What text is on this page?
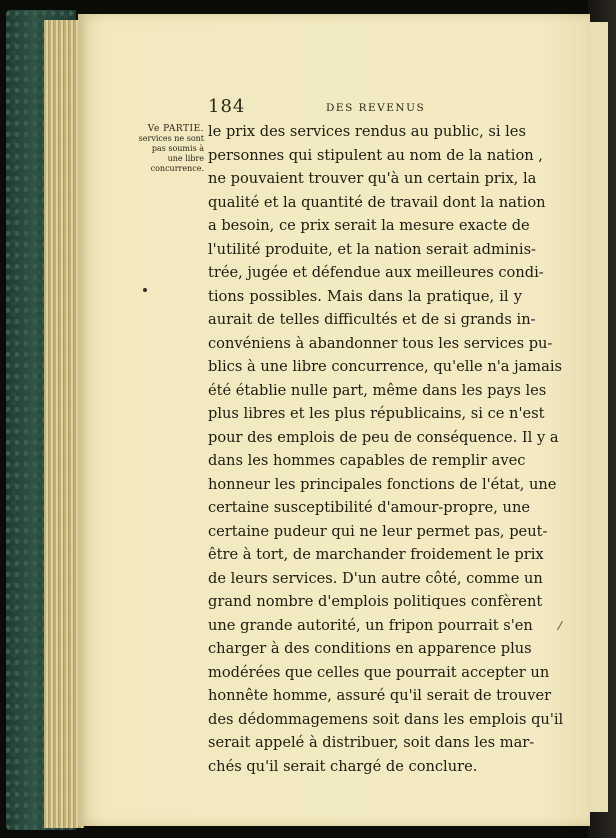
184	DES REVENUS
Ve PARTIE.
services ne sont
pas soumis à
une libre
concurrence.
le prix des services rendus au public, si les
personnes qui stipulent au nom de la nation ,
ne pouvaient trouver qu'à un certain prix, la
qualité et la quantité de travail dont la nation
a besoin, ce prix serait la mesure exacte de
l'utilité produite, et la nation serait adminis-
trée, jugée et défendue aux meilleures condi-
tions possibles. Mais dans la pratique, il y
aurait de telles difficultés et de si grands in-
convéniens à abandonner tous les services pu-
blics à une libre concurrence, qu'elle n'a jamais
été établie nulle part, même dans les pays les
plus libres et les plus républicains, si ce n'est
pour des emplois de peu de conséquence. Il y a
dans les hommes capables de remplir avec
honneur les principales fonctions de l'état, une
certaine susceptibilité d'amour-propre, une
certaine pudeur qui ne leur permet pas, peut-
être à tort, de marchander froidement le prix
de leurs services. D'un autre côté, comme un
grand nombre d'emplois politiques confèrent
une grande autorité, un fripon pourrait s'en
charger à des conditions en apparence plus
modérées que celles que pourrait accepter un
honnête homme, assuré qu'il serait de trouver
des dédommagemens soit dans les emplois qu'il
serait appelé à distribuer, soit dans les mar-
chés qu'il serait chargé de conclure.
